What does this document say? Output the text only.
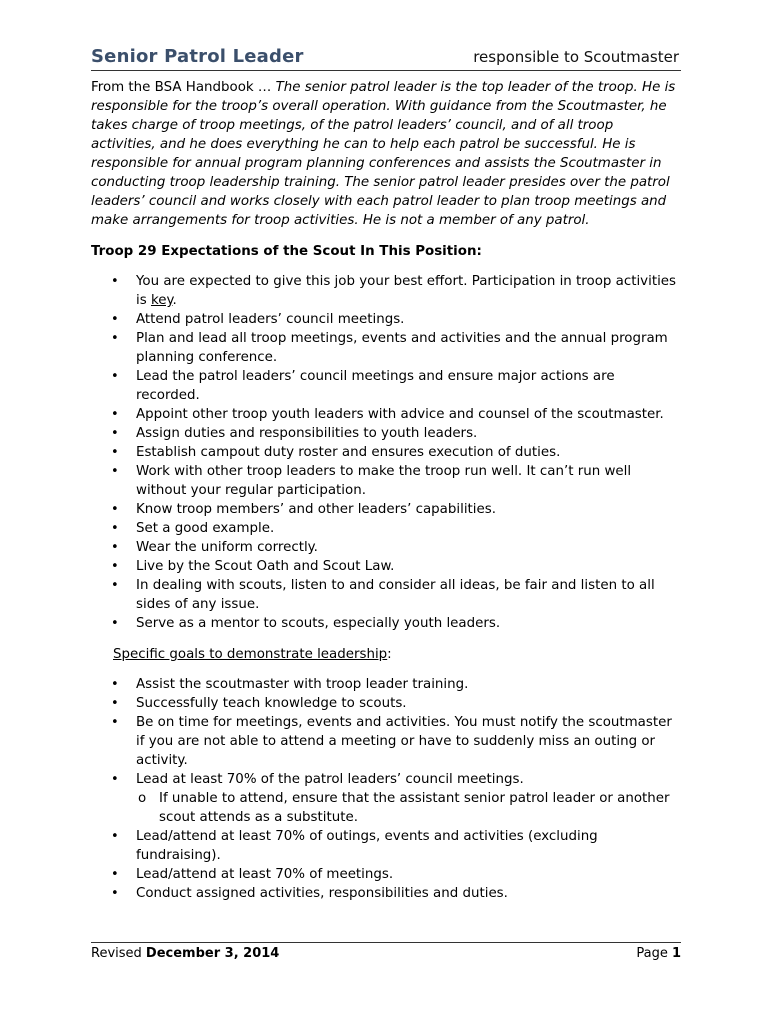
Senior Patrol Leader	responsible to Scoutmaster
From the BSA Handbook … The senior patrol leader is the top leader of the troop. He is responsible for the troop’s overall operation. With guidance from the Scoutmaster, he takes charge of troop meetings, of the patrol leaders’ council, and of all troop activities, and he does everything he can to help each patrol be successful. He is responsible for annual program planning conferences and assists the Scoutmaster in conducting troop leadership training. The senior patrol leader presides over the patrol leaders’ council and works closely with each patrol leader to plan troop meetings and make arrangements for troop activities. He is not a member of any patrol.
Troop 29 Expectations of the Scout In This Position:
• You are expected to give this job your best effort. Participation in troop activities is key.
• Attend patrol leaders’ council meetings.
• Plan and lead all troop meetings, events and activities and the annual program planning conference.
• Lead the patrol leaders’ council meetings and ensure major actions are recorded.
• Appoint other troop youth leaders with advice and counsel of the scoutmaster.
• Assign duties and responsibilities to youth leaders.
• Establish campout duty roster and ensures execution of duties.
• Work with other troop leaders to make the troop run well. It can’t run well without your regular participation.
• Know troop members’ and other leaders’ capabilities.
• Set a good example.
• Wear the uniform correctly.
• Live by the Scout Oath and Scout Law.
• In dealing with scouts, listen to and consider all ideas, be fair and listen to all sides of any issue.
• Serve as a mentor to scouts, especially youth leaders.
Specific goals to demonstrate leadership:
• Assist the scoutmaster with troop leader training.
• Successfully teach knowledge to scouts.
• Be on time for meetings, events and activities. You must notify the scoutmaster if you are not able to attend a meeting or have to suddenly miss an outing or activity.
• Lead at least 70% of the patrol leaders’ council meetings.
o If unable to attend, ensure that the assistant senior patrol leader or another scout attends as a substitute.
• Lead/attend at least 70% of outings, events and activities (excluding fundraising).
• Lead/attend at least 70% of meetings.
• Conduct assigned activities, responsibilities and duties.
Revised December 3, 2014	Page 1
